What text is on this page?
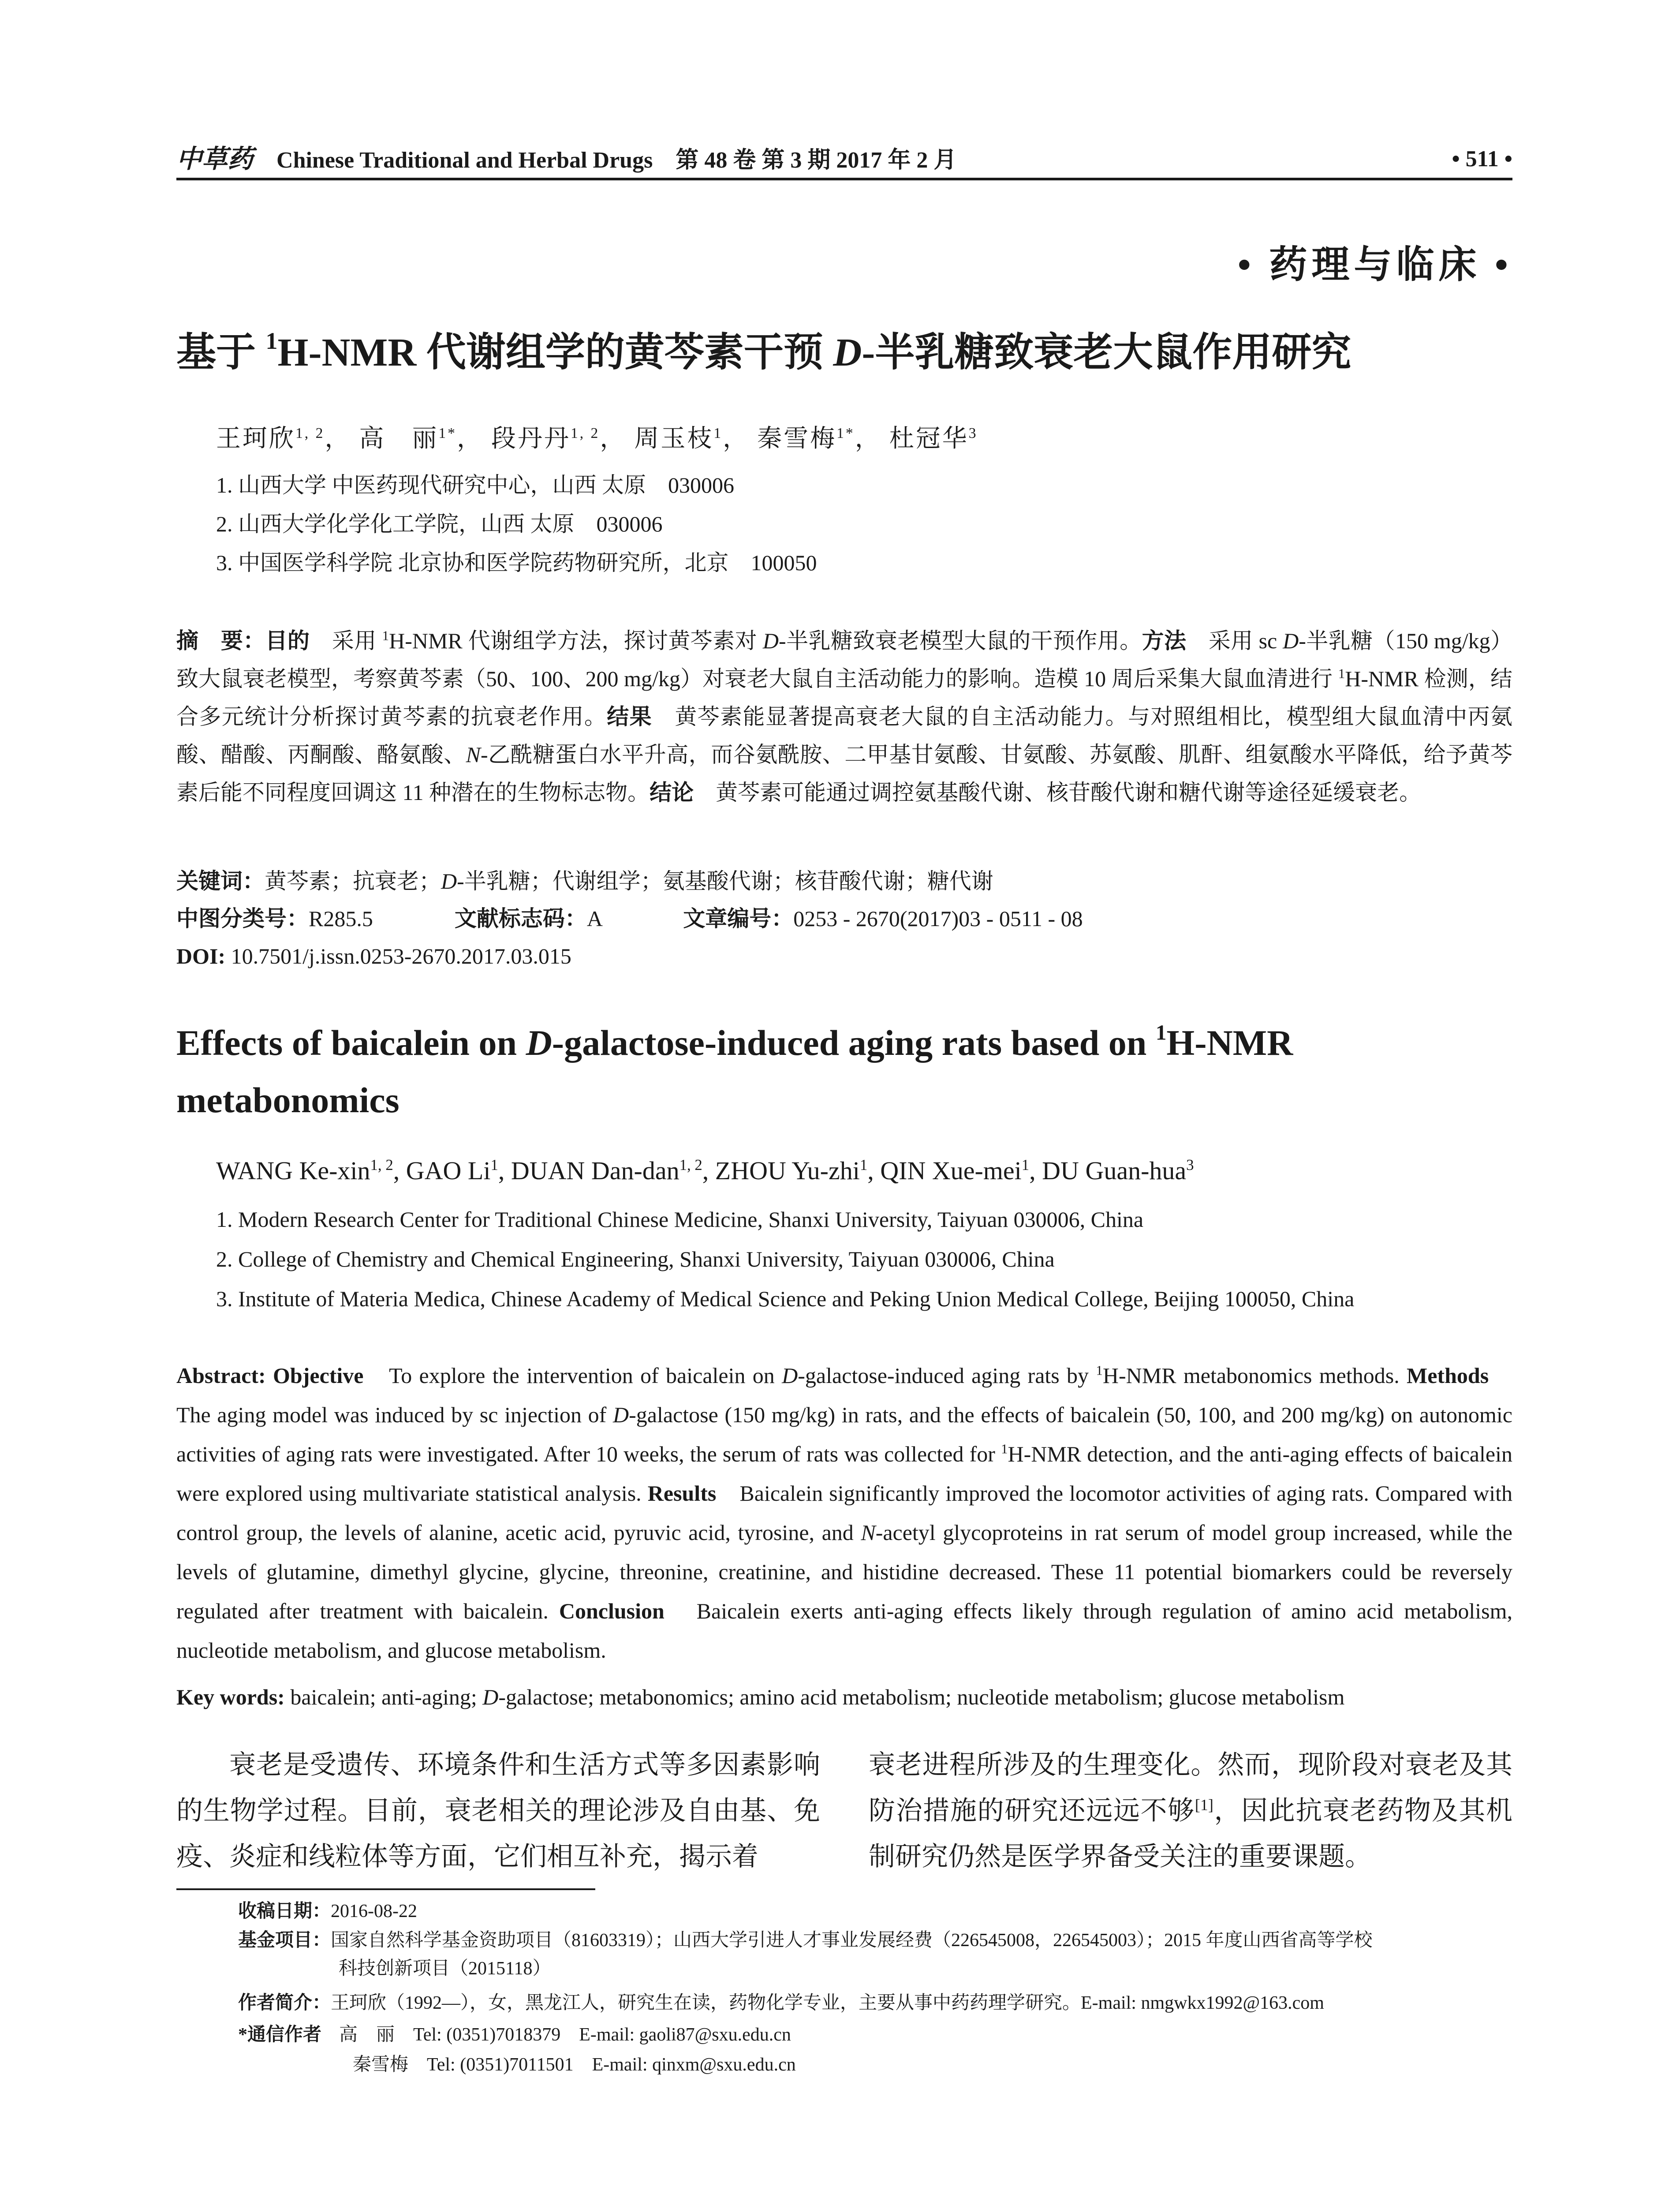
中草药 Chinese Traditional and Herbal Drugs　第 48 卷 第 3 期 2017 年 2 月	• 511 •
• 药理与临床 •
基于 $^1$H-NMR 代谢组学的黄芩素干预 D-半乳糖致衰老大鼠作用研究
王珂欣$^{1, 2}$， 高　丽$^{1*}$， 段丹丹$^{1, 2}$， 周玉枝$^1$， 秦雪梅$^{1*}$， 杜冠华$^3$
1. 山西大学 中医药现代研究中心，山西 太原　030006
2. 山西大学化学化工学院，山西 太原　030006
3. 中国医学科学院 北京协和医学院药物研究所，北京　100050
摘　要：目的　采用 $^1$H-NMR 代谢组学方法，探讨黄芩素对 D-半乳糖致衰老模型大鼠的干预作用。方法　采用 sc D-半乳糖（150 mg/kg）致大鼠衰老模型，考察黄芩素（50、100、200 mg/kg）对衰老大鼠自主活动能力的影响。造模 10 周后采集大鼠血清进行 $^1$H-NMR 检测，结合多元统计分析探讨黄芩素的抗衰老作用。结果　黄芩素能显著提高衰老大鼠的自主活动能力。与对照组相比，模型组大鼠血清中丙氨酸、醋酸、丙酮酸、酪氨酸、N-乙酰糖蛋白水平升高，而谷氨酰胺、二甲基甘氨酸、甘氨酸、苏氨酸、肌酐、组氨酸水平降低，给予黄芩素后能不同程度回调这 11 种潜在的生物标志物。结论　黄芩素可能通过调控氨基酸代谢、核苷酸代谢和糖代谢等途径延缓衰老。
关键词：黄芩素；抗衰老；D-半乳糖；代谢组学；氨基酸代谢；核苷酸代谢；糖代谢
中图分类号：R285.5	文献标志码：A	文章编号：0253 - 2670(2017)03 - 0511 - 08
DOI: 10.7501/j.issn.0253-2670.2017.03.015
Effects of baicalein on D-galactose-induced aging rats based on $^1$H-NMR metabonomics
WANG Ke-xin$^{1, 2}$, GAO Li$^1$, DUAN Dan-dan$^{1, 2}$, ZHOU Yu-zhi$^1$, QIN Xue-mei$^1$, DU Guan-hua$^3$
1. Modern Research Center for Traditional Chinese Medicine, Shanxi University, Taiyuan 030006, China
2. College of Chemistry and Chemical Engineering, Shanxi University, Taiyuan 030006, China
3. Institute of Materia Medica, Chinese Academy of Medical Science and Peking Union Medical College, Beijing 100050, China
Abstract: Objective　To explore the intervention of baicalein on D-galactose-induced aging rats by $^1$H-NMR metabonomics methods. Methods　The aging model was induced by sc injection of D-galactose (150 mg/kg) in rats, and the effects of baicalein (50, 100, and 200 mg/kg) on autonomic activities of aging rats were investigated. After 10 weeks, the serum of rats was collected for $^1$H-NMR detection, and the anti-aging effects of baicalein were explored using multivariate statistical analysis. Results　Baicalein significantly improved the locomotor activities of aging rats. Compared with control group, the levels of alanine, acetic acid, pyruvic acid, tyrosine, and N-acetyl glycoproteins in rat serum of model group increased, while the levels of glutamine, dimethyl glycine, glycine, threonine, creatinine, and histidine decreased. These 11 potential biomarkers could be reversely regulated after treatment with baicalein. Conclusion　Baicalein exerts anti-aging effects likely through regulation of amino acid metabolism, nucleotide metabolism, and glucose metabolism.
Key words: baicalein; anti-aging; D-galactose; metabonomics; amino acid metabolism; nucleotide metabolism; glucose metabolism
衰老是受遗传、环境条件和生活方式等多因素影响的生物学过程。目前，衰老相关的理论涉及自由基、免疫、炎症和线粒体等方面，它们相互补充，揭示着
衰老进程所涉及的生理变化。然而，现阶段对衰老及其防治措施的研究还远远不够[1]，因此抗衰老药物及其机制研究仍然是医学界备受关注的重要课题。
收稿日期：2016-08-22
基金项目：国家自然科学基金资助项目（81603319）；山西大学引进人才事业发展经费（226545008，226545003）；2015 年度山西省高等学校
科技创新项目（2015118）
作者简介：王珂欣（1992—），女，黑龙江人，研究生在读，药物化学专业，主要从事中药药理学研究。E-mail: nmgwkx1992@163.com
*通信作者 高　丽　Tel: (0351)7018379　E-mail: gaoli87@sxu.edu.cn
秦雪梅　Tel: (0351)7011501　E-mail: qinxm@sxu.edu.cn
